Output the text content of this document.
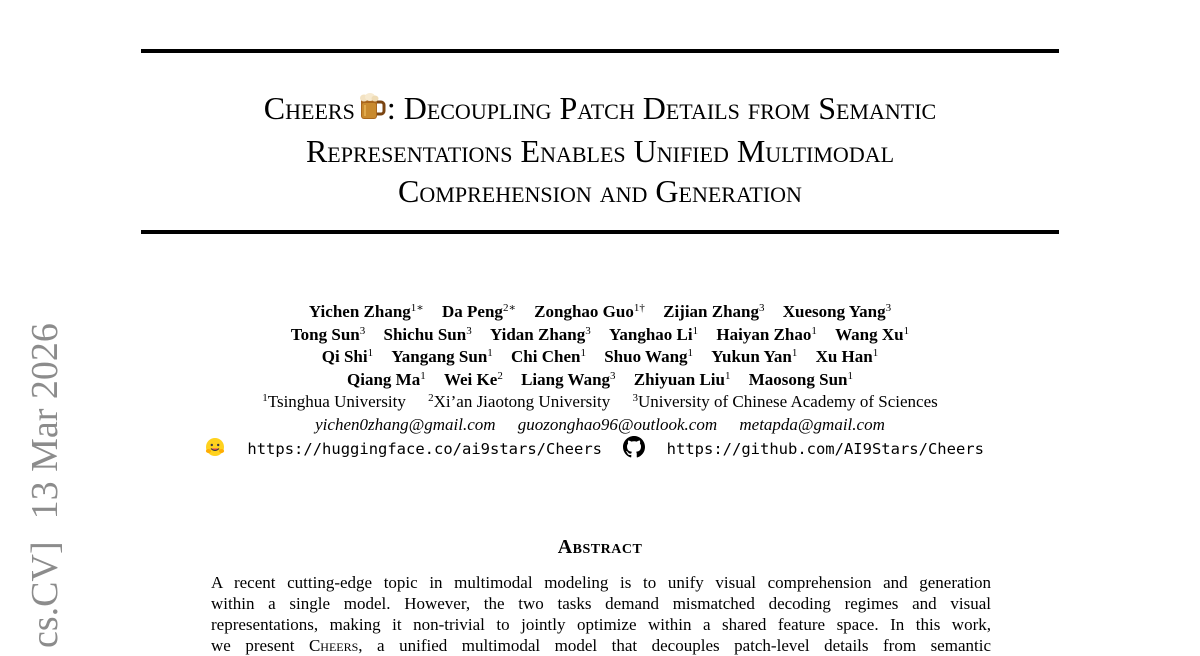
cs.CV]13 Mar 2026
Cheers : Decoupling Patch Details from Semantic
Representations Enables Unified Multimodal
Comprehension and Generation
Yichen Zhang$^{1∗}$ Da Peng$^{2∗}$ Zonghao Guo$^{1\dagger}$ Zijian Zhang$^3$ Xuesong Yang$^3$
Tong Sun$^3$ Shichu Sun$^3$ Yidan Zhang$^3$ Yanghao Li$^1$ Haiyan Zhao$^1$ Wang Xu$^1$
Qi Shi$^1$ Yangang Sun$^1$ Chi Chen$^1$ Shuo Wang$^1$ Yukun Yan$^1$ Xu Han$^1$
Qiang Ma$^1$ Wei Ke$^2$ Liang Wang$^3$ Zhiyuan Liu$^1$ Maosong Sun$^1$
$^1$Tsinghua University $^2$Xi’an Jiaotong University $^3$University of Chinese Academy of Sciences
yichen0zhang@gmail.com guozonghao96@outlook.com metapda@gmail.com
https://huggingface.co/ai9stars/Cheers	https://github.com/AI9Stars/Cheers
Abstract
A recent cutting-edge topic in multimodal modeling is to unify visual comprehension and generation
within a single model. However, the two tasks demand mismatched decoding regimes and visual
representations, making it non-trivial to jointly optimize within a shared feature space. In this work,
we present Cheers, a unified multimodal model that decouples patch-level details from semantic
